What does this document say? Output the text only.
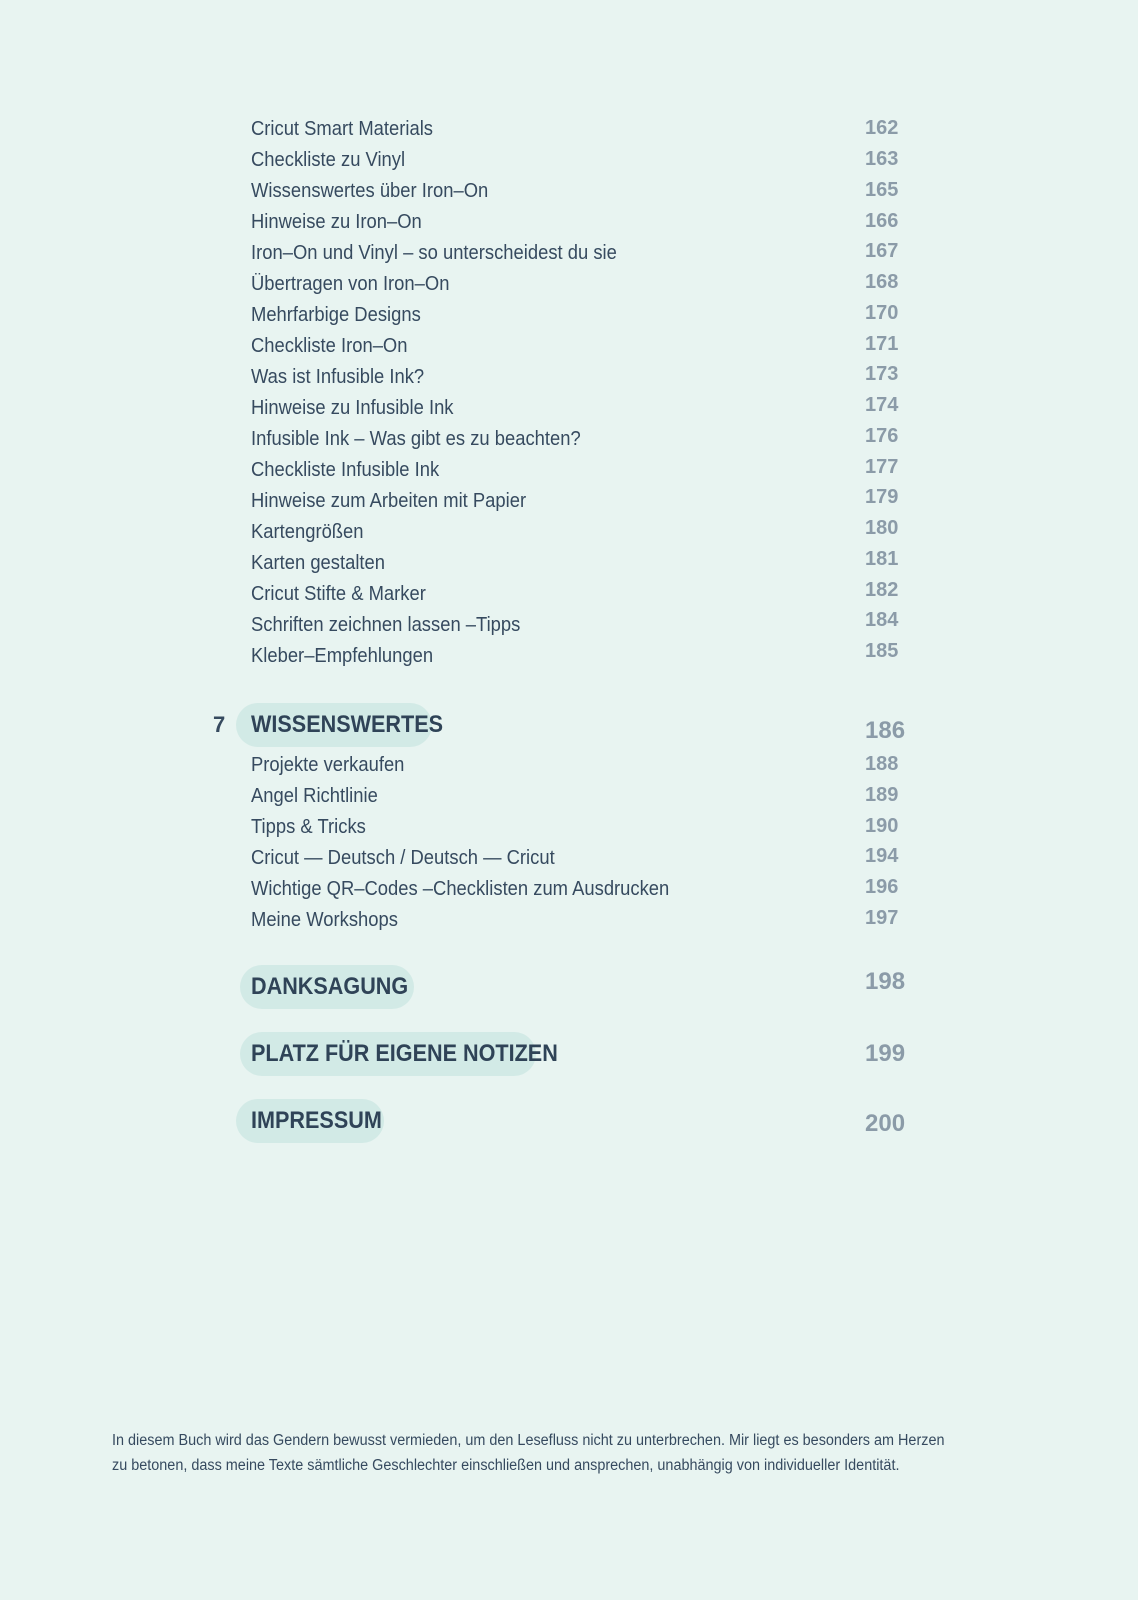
Cricut Smart Materials	162
Checkliste zu Vinyl	163
Wissenswertes über Iron–On	165
Hinweise zu Iron–On	166
Iron–On und Vinyl – so unterscheidest du sie	167
Übertragen von Iron–On	168
Mehrfarbige Designs	170
Checkliste Iron–On	171
Was ist Infusible Ink?	173
Hinweise zu Infusible Ink	174
Infusible Ink – Was gibt es zu beachten?	176
Checkliste Infusible Ink	177
Hinweise zum Arbeiten mit Papier	179
Kartengrößen	180
Karten gestalten	181
Cricut Stifte & Marker	182
Schriften zeichnen lassen –Tipps	184
Kleber–Empfehlungen	185
7 WISSENSWERTES	186
Projekte verkaufen	188
Angel Richtlinie	189
Tipps & Tricks	190
Cricut — Deutsch / Deutsch — Cricut	194
Wichtige QR–Codes –Checklisten zum Ausdrucken	196
Meine Workshops	197
DANKSAGUNG	198
PLATZ FÜR EIGENE NOTIZEN	199
IMPRESSUM	200
In diesem Buch wird das Gendern bewusst vermieden, um den Lesefluss nicht zu unterbrechen. Mir liegt es besonders am Herzen
zu betonen, dass meine Texte sämtliche Geschlechter einschließen und ansprechen, unabhängig von individueller Identität.
